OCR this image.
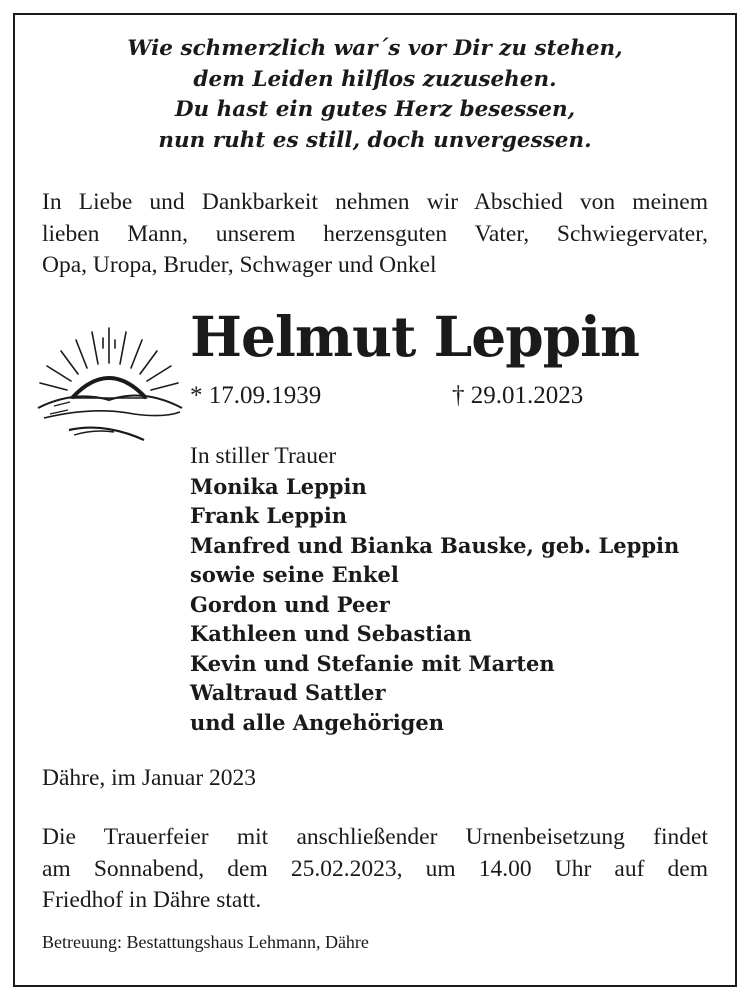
Wie schmerzlich war´s vor Dir zu stehen,
dem Leiden hilflos zuzusehen.
Du hast ein gutes Herz besessen,
nun ruht es still, doch unvergessen.
In Liebe und Dankbarkeit nehmen wir Abschied von meinem
lieben Mann, unserem herzensguten Vater, Schwiegervater,
Opa, Uropa, Bruder, Schwager und Onkel
Helmut Leppin
* 17.09.1939	† 29.01.2023
In stiller Trauer
Monika Leppin
Frank Leppin
Manfred und Bianka Bauske, geb. Leppin
sowie seine Enkel
Gordon und Peer
Kathleen und Sebastian
Kevin und Stefanie mit Marten
Waltraud Sattler
und alle Angehörigen
Dähre, im Januar 2023
Die Trauerfeier mit anschließender Urnenbeisetzung findet
am Sonnabend, dem 25.02.2023, um 14.00 Uhr auf dem
Friedhof in Dähre statt.
Betreuung: Bestattungshaus Lehmann, Dähre
